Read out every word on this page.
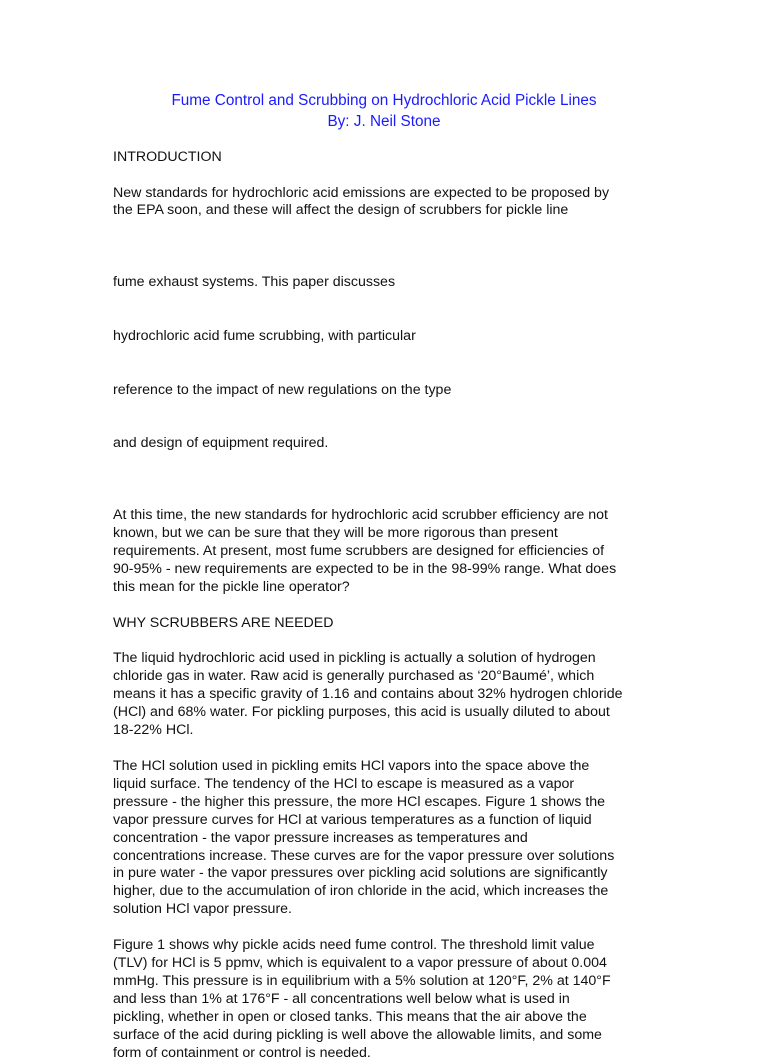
Fume Control and Scrubbing on Hydrochloric Acid Pickle Lines
By: J. Neil Stone
INTRODUCTION
New standards for hydrochloric acid emissions are expected to be proposed by
the EPA soon, and these will affect the design of scrubbers for pickle line

fume exhaust systems. This paper discusses

hydrochloric acid fume scrubbing, with particular

reference to the impact of new regulations on the type

and design of equipment required.

At this time, the new standards for hydrochloric acid scrubber efficiency are not
known, but we can be sure that they will be more rigorous than present
requirements. At present, most fume scrubbers are designed for efficiencies of
90-95% - new requirements are expected to be in the 98-99% range. What does
this mean for the pickle line operator?
WHY SCRUBBERS ARE NEEDED
The liquid hydrochloric acid used in pickling is actually a solution of hydrogen
chloride gas in water. Raw acid is generally purchased as ‘20°Baumé’, which
means it has a specific gravity of 1.16 and contains about 32% hydrogen chloride
(HCl) and 68% water. For pickling purposes, this acid is usually diluted to about
18-22% HCl.
The HCl solution used in pickling emits HCl vapors into the space above the
liquid surface. The tendency of the HCl to escape is measured as a vapor
pressure - the higher this pressure, the more HCl escapes. Figure 1 shows the
vapor pressure curves for HCl at various temperatures as a function of liquid
concentration - the vapor pressure increases as temperatures and
concentrations increase. These curves are for the vapor pressure over solutions
in pure water - the vapor pressures over pickling acid solutions are significantly
higher, due to the accumulation of iron chloride in the acid, which increases the
solution HCl vapor pressure.
Figure 1 shows why pickle acids need fume control. The threshold limit value
(TLV) for HCl is 5 ppmv, which is equivalent to a vapor pressure of about 0.004
mmHg. This pressure is in equilibrium with a 5% solution at 120°F, 2% at 140°F
and less than 1% at 176°F - all concentrations well below what is used in
pickling, whether in open or closed tanks. This means that the air above the
surface of the acid during pickling is well above the allowable limits, and some
form of containment or control is needed.
